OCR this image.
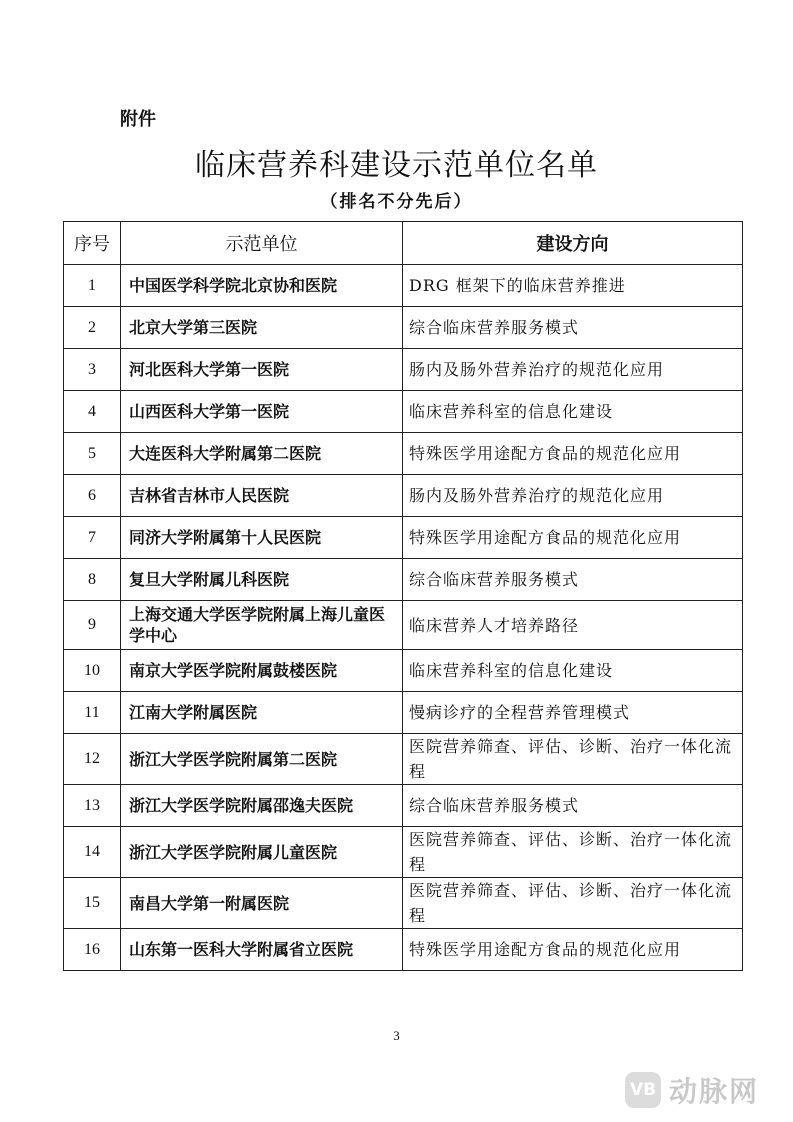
附件
临床营养科建设示范单位名单
（排名不分先后）
序号	示范单位	建设方向
1	中国医学科学院北京协和医院	DRG 框架下的临床营养推进
2	北京大学第三医院	综合临床营养服务模式
3	河北医科大学第一医院	肠内及肠外营养治疗的规范化应用
4	山西医科大学第一医院	临床营养科室的信息化建设
5	大连医科大学附属第二医院	特殊医学用途配方食品的规范化应用
6	吉林省吉林市人民医院	肠内及肠外营养治疗的规范化应用
7	同济大学附属第十人民医院	特殊医学用途配方食品的规范化应用
8	复旦大学附属儿科医院	综合临床营养服务模式
9	上海交通大学医学院附属上海儿童医学中心	临床营养人才培养路径
10	南京大学医学院附属鼓楼医院	临床营养科室的信息化建设
11	江南大学附属医院	慢病诊疗的全程营养管理模式
12	浙江大学医学院附属第二医院	医院营养筛查、评估、诊断、治疗一体化流程
13	浙江大学医学院附属邵逸夫医院	综合临床营养服务模式
14	浙江大学医学院附属儿童医院	医院营养筛查、评估、诊断、治疗一体化流程
15	南昌大学第一附属医院	医院营养筛查、评估、诊断、治疗一体化流程
16	山东第一医科大学附属省立医院	特殊医学用途配方食品的规范化应用
3
VB 动脉网
